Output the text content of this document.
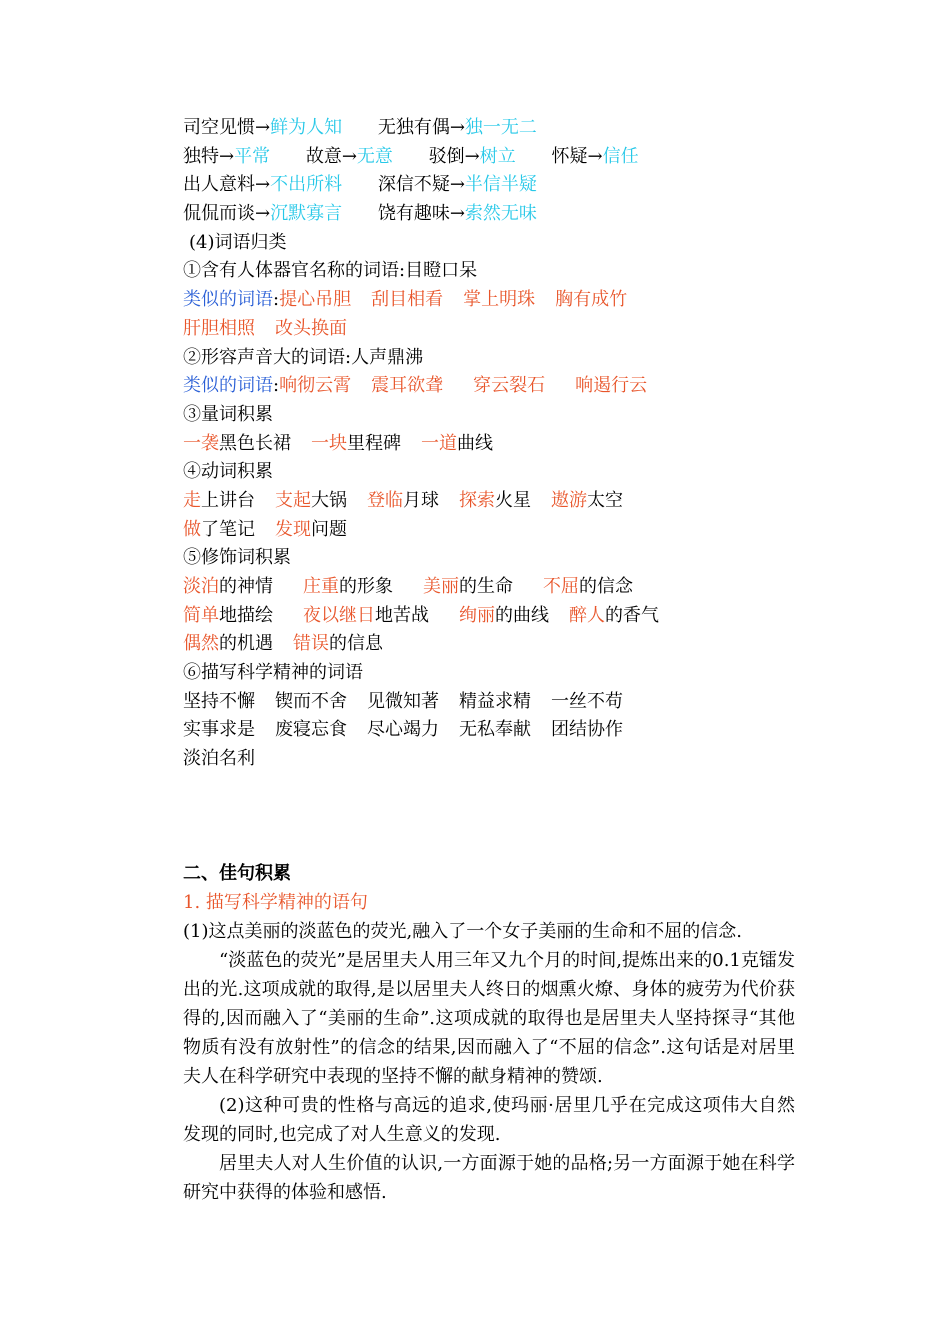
司空见惯→鲜为人知 无独有偶→独一无二
独特→平常 故意→无意 驳倒→树立 怀疑→信任
出人意料→不出所料 深信不疑→半信半疑
侃侃而谈→沉默寡言 饶有趣味→索然无味
(4)词语归类
①含有人体器官名称的词语:目瞪口呆
类似的词语:提心吊胆 刮目相看 掌上明珠 胸有成竹
肝胆相照 改头换面
②形容声音大的词语:人声鼎沸
类似的词语:响彻云霄 震耳欲聋 穿云裂石 响遏行云
③量词积累
一袭黑色长裙 一块里程碑 一道曲线
④动词积累
走上讲台 支起大锅 登临月球 探索火星 遨游太空
做了笔记 发现问题
⑤修饰词积累
淡泊的神情 庄重的形象 美丽的生命 不屈的信念
简单地描绘 夜以继日地苦战 绚丽的曲线 醉人的香气
偶然的机遇 错误的信息
⑥描写科学精神的词语
坚持不懈 锲而不舍 见微知著 精益求精 一丝不苟
实事求是 废寝忘食 尽心竭力 无私奉献 团结协作
淡泊名利
二、佳句积累
1. 描写科学精神的语句
(1)这点美丽的淡蓝色的荧光,融入了一个女子美丽的生命和不屈的信念.
“淡蓝色的荧光”是居里夫人用三年又九个月的时间,提炼出来的0.1克镭发出的光.这项成就的取得,是以居里夫人终日的烟熏火燎、身体的疲劳为代价获得的,因而融入了“美丽的生命”.这项成就的取得也是居里夫人坚持探寻“其他物质有没有放射性”的信念的结果,因而融入了“不屈的信念”.这句话是对居里夫人在科学研究中表现的坚持不懈的献身精神的赞颂.
(2)这种可贵的性格与高远的追求,使玛丽·居里几乎在完成这项伟大自然发现的同时,也完成了对人生意义的发现.
居里夫人对人生价值的认识,一方面源于她的品格;另一方面源于她在科学研究中获得的体验和感悟.
